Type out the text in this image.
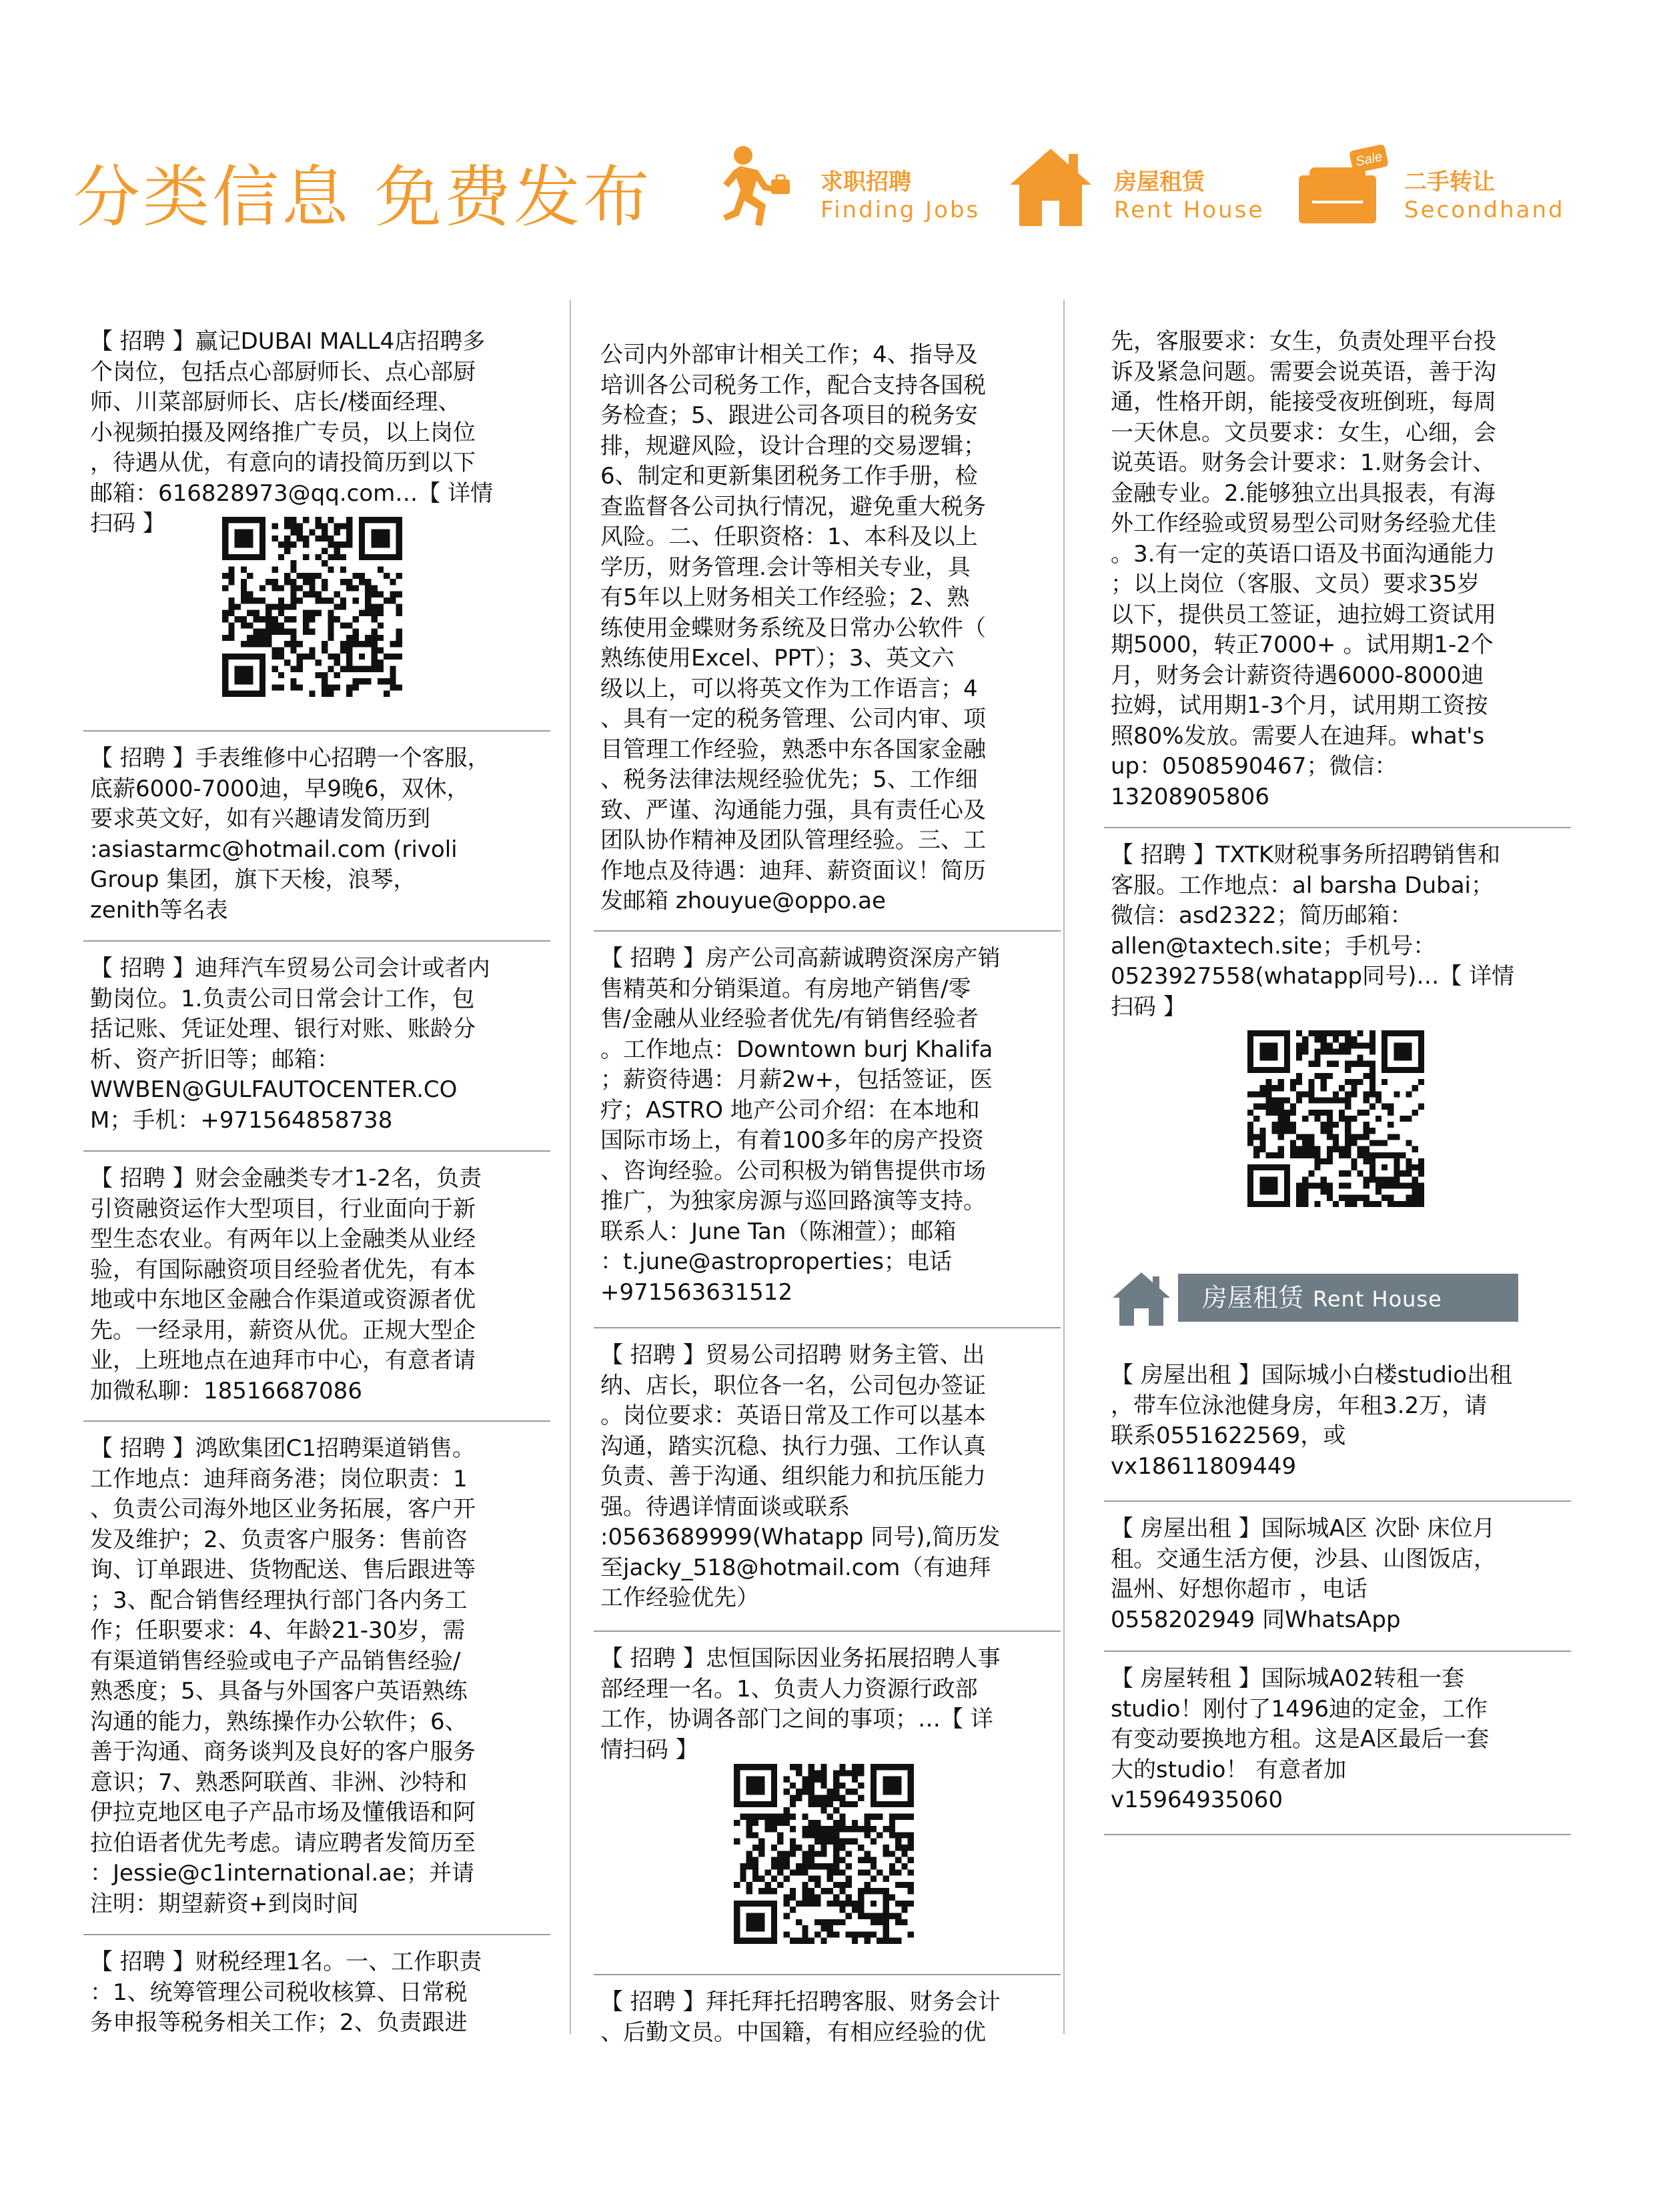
分类信息 免费发布	求职招聘
Finding Jobs
房屋租赁
Rent House
Sale
二手转让
Secondhand
【 招聘 】赢记DUBAI MALL4店招聘多
个岗位，包括点心部厨师长、点心部厨
师、川菜部厨师长、店长/楼面经理、
小视频拍摄及网络推广专员，以上岗位
，待遇从优，有意向的请投简历到以下
邮箱：616828973@qq.com…【 详情
扫码 】
【 招聘 】手表维修中心招聘一个客服，
底薪6000-7000迪，早9晚6，双休，
要求英文好，如有兴趣请发简历到
:asiastarmc@hotmail.com (rivoli
Group 集团，旗下天梭，浪琴，
zenith等名表
【 招聘 】迪拜汽车贸易公司会计或者内
勤岗位。1.负责公司日常会计工作，包
括记账、凭证处理、银行对账、账龄分
析、资产折旧等；邮箱：
WWBEN@GULFAUTOCENTER.CO
M；手机：+971564858738
【 招聘 】财会金融类专才1-2名，负责
引资融资运作大型项目，行业面向于新
型生态农业。有两年以上金融类从业经
验，有国际融资项目经验者优先，有本
地或中东地区金融合作渠道或资源者优
先。一经录用，薪资从优。正规大型企
业，上班地点在迪拜市中心，有意者请
加微私聊：18516687086
【 招聘 】鸿欧集团C1招聘渠道销售。
工作地点：迪拜商务港；岗位职责：1
、负责公司海外地区业务拓展，客户开
发及维护；2、负责客户服务：售前咨
询、订单跟进、货物配送、售后跟进等
；3、配合销售经理执行部门各内务工
作；任职要求：4、年龄21-30岁，需
有渠道销售经验或电子产品销售经验/
熟悉度；5、具备与外国客户英语熟练
沟通的能力，熟练操作办公软件；6、
善于沟通、商务谈判及良好的客户服务
意识；7、熟悉阿联酋、非洲、沙特和
伊拉克地区电子产品市场及懂俄语和阿
拉伯语者优先考虑。请应聘者发简历至
：Jessie@c1international.ae；并请
注明：期望薪资+到岗时间
【 招聘 】财税经理1名。一、工作职责
：1、统筹管理公司税收核算、日常税
务申报等税务相关工作；2、负责跟进
公司内外部审计相关工作；4、指导及
培训各公司税务工作，配合支持各国税
务检查；5、跟进公司各项目的税务安
排，规避风险，设计合理的交易逻辑；
6、制定和更新集团税务工作手册，检
查监督各公司执行情况，避免重大税务
风险。二、任职资格：1、本科及以上
学历，财务管理.会计等相关专业，具
有5年以上财务相关工作经验；2、熟
练使用金蝶财务系统及日常办公软件（
熟练使用Excel、PPT）；3、英文六
级以上，可以将英文作为工作语言；4
、具有一定的税务管理、公司内审、项
目管理工作经验，熟悉中东各国家金融
、税务法律法规经验优先；5、工作细
致、严谨、沟通能力强，具有责任心及
团队协作精神及团队管理经验。三、工
作地点及待遇：迪拜、薪资面议！简历
发邮箱 zhouyue@oppo.ae
【 招聘 】房产公司高薪诚聘资深房产销
售精英和分销渠道。有房地产销售/零
售/金融从业经验者优先/有销售经验者
。工作地点：Downtown burj Khalifa
；薪资待遇：月薪2w+，包括签证，医
疗；ASTRO 地产公司介绍：在本地和
国际市场上，有着100多年的房产投资
、咨询经验。公司积极为销售提供市场
推广，为独家房源与巡回路演等支持。
联系人：June Tan（陈湘萱）；邮箱
：t.june@astroproperties；电话
+971563631512
【 招聘 】贸易公司招聘 财务主管、出
纳、店长，职位各一名，公司包办签证
。岗位要求：英语日常及工作可以基本
沟通，踏实沉稳、执行力强、工作认真
负责、善于沟通、组织能力和抗压能力
强。待遇详情面谈或联系
:0563689999(Whatapp 同号),简历发
至jacky_518@hotmail.com（有迪拜
工作经验优先）
【 招聘 】忠恒国际因业务拓展招聘人事
部经理一名。1、负责人力资源行政部
工作，协调各部门之间的事项；…【 详
情扫码 】
【 招聘 】拜托拜托招聘客服、财务会计
、后勤文员。中国籍，有相应经验的优
先，客服要求：女生，负责处理平台投
诉及紧急问题。需要会说英语，善于沟
通，性格开朗，能接受夜班倒班，每周
一天休息。文员要求：女生，心细，会
说英语。财务会计要求：1.财务会计、
金融专业。2.能够独立出具报表，有海
外工作经验或贸易型公司财务经验尤佳
。3.有一定的英语口语及书面沟通能力
；以上岗位（客服、文员）要求35岁
以下，提供员工签证，迪拉姆工资试用
期5000，转正7000+ 。试用期1-2个
月，财务会计薪资待遇6000-8000迪
拉姆，试用期1-3个月，试用期工资按
照80%发放。需要人在迪拜。what's
up：0508590467；微信：
13208905806
【 招聘 】TXTK财税事务所招聘销售和
客服。工作地点：al barsha Dubai；
微信：asd2322；简历邮箱：
allen@taxtech.site；手机号：
0523927558(whatapp同号)…【 详情
扫码 】
房屋租赁 Rent House
【 房屋出租 】国际城小白楼studio出租
，带车位泳池健身房，年租3.2万，请
联系0551622569，或
vx18611809449
【 房屋出租 】国际城A区 次卧 床位月
租。交通生活方便，沙县、山图饭店，
温州、好想你超市 ，电话
0558202949 同WhatsApp
【 房屋转租 】国际城A02转租一套
studio！刚付了1496迪的定金，工作
有变动要换地方租。这是A区最后一套
大的studio！ 有意者加
v15964935060
